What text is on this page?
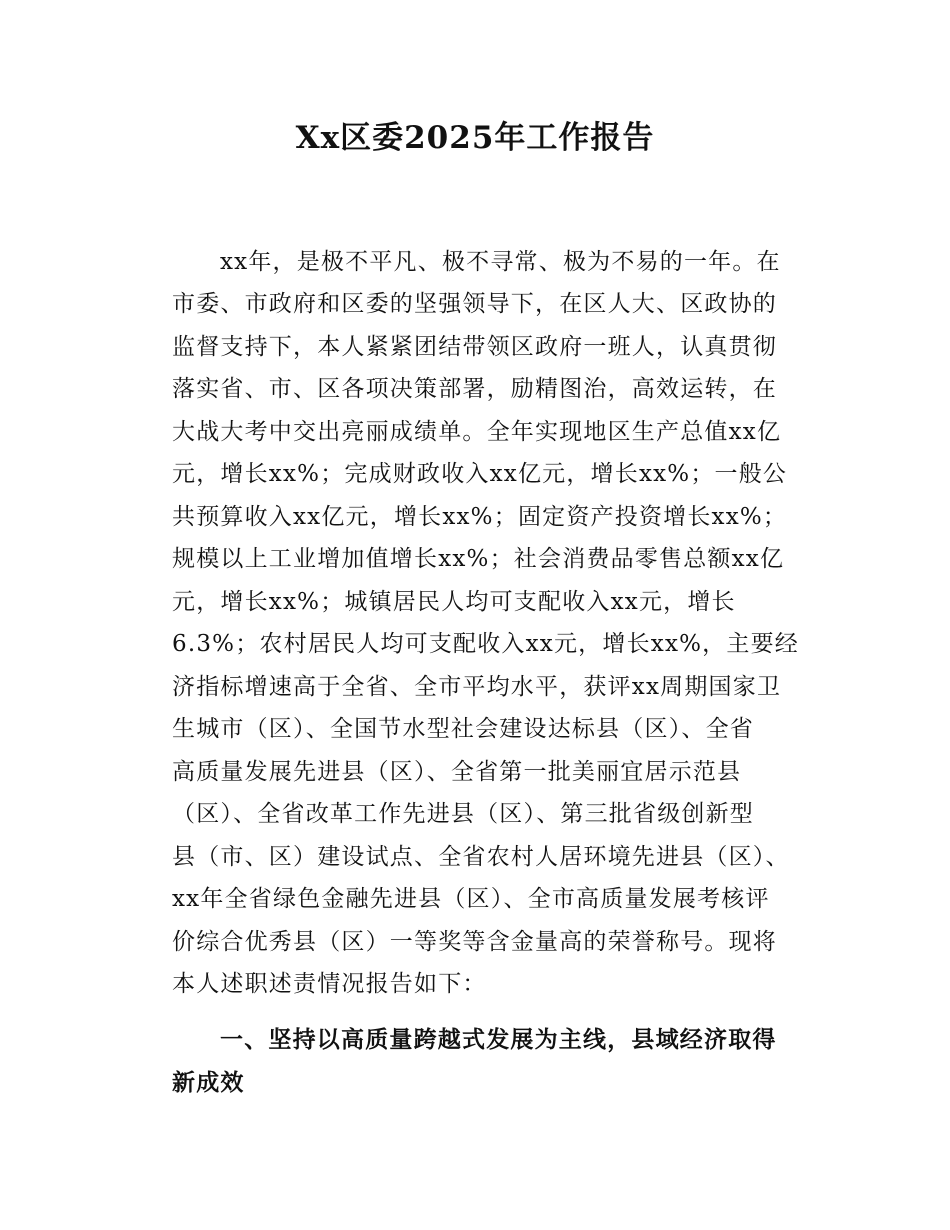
Xx区委2025年工作报告
xx年，是极不平凡、极不寻常、极为不易的一年。在
市委、市政府和区委的坚强领导下，在区人大、区政协的
监督支持下，本人紧紧团结带领区政府一班人，认真贯彻
落实省、市、区各项决策部署，励精图治，高效运转，在
大战大考中交出亮丽成绩单。全年实现地区生产总值xx亿
元，增长xx%；完成财政收入xx亿元，增长xx%；一般公
共预算收入xx亿元，增长xx%；固定资产投资增长xx%；
规模以上工业增加值增长xx%；社会消费品零售总额xx亿
元，增长xx%；城镇居民人均可支配收入xx元，增长
6.3%；农村居民人均可支配收入xx元，增长xx%，主要经
济指标增速高于全省、全市平均水平，获评xx周期国家卫
生城市（区）、全国节水型社会建设达标县（区）、全省
高质量发展先进县（区）、全省第一批美丽宜居示范县
（区）、全省改革工作先进县（区）、第三批省级创新型
县（市、区）建设试点、全省农村人居环境先进县（区）、
xx年全省绿色金融先进县（区）、全市高质量发展考核评
价综合优秀县（区）一等奖等含金量高的荣誉称号。现将
本人述职述责情况报告如下：
一、坚持以高质量跨越式发展为主线，县域经济取得
新成效
